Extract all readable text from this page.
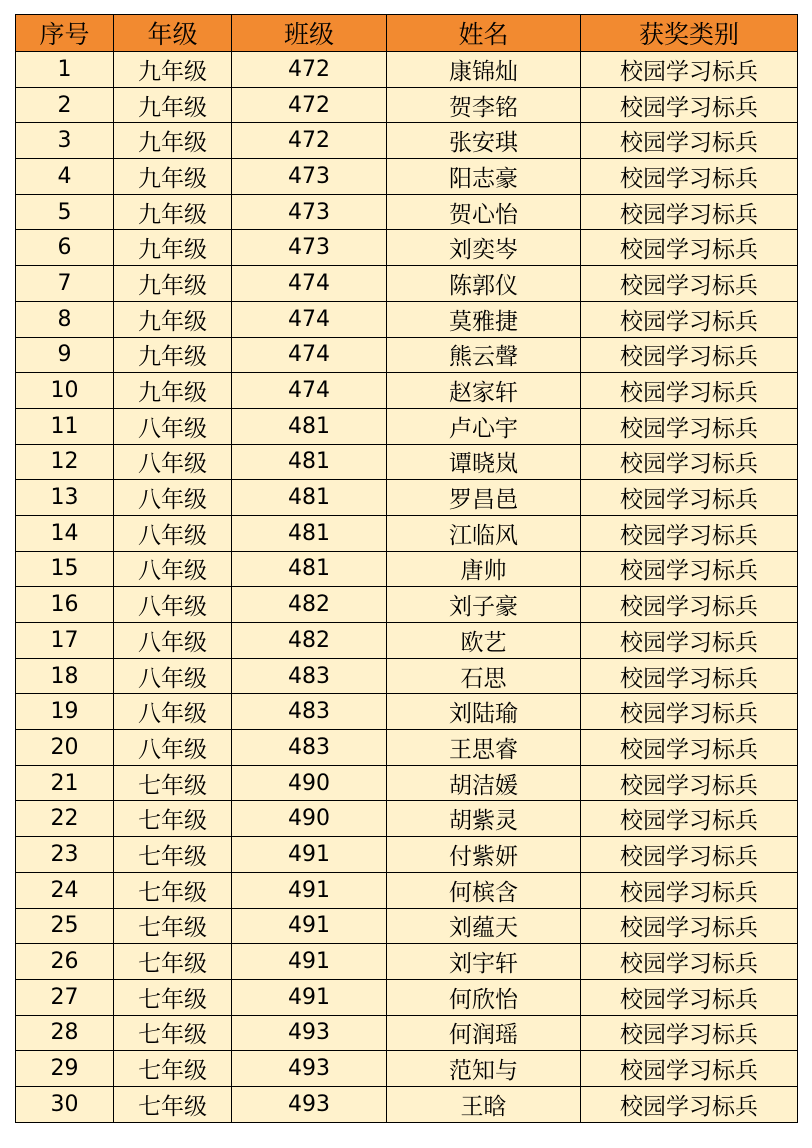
序号	年级	班级	姓名	获奖类别
1	九年级	472	康锦灿	校园学习标兵
2	九年级	472	贺李铭	校园学习标兵
3	九年级	472	张安琪	校园学习标兵
4	九年级	473	阳志豪	校园学习标兵
5	九年级	473	贺心怡	校园学习标兵
6	九年级	473	刘奕岑	校园学习标兵
7	九年级	474	陈郭仪	校园学习标兵
8	九年级	474	莫雅捷	校园学习标兵
9	九年级	474	熊云聲	校园学习标兵
10	九年级	474	赵家轩	校园学习标兵
11	八年级	481	卢心宇	校园学习标兵
12	八年级	481	谭晓岚	校园学习标兵
13	八年级	481	罗昌邑	校园学习标兵
14	八年级	481	江临风	校园学习标兵
15	八年级	481	唐帅	校园学习标兵
16	八年级	482	刘子豪	校园学习标兵
17	八年级	482	欧艺	校园学习标兵
18	八年级	483	石思	校园学习标兵
19	八年级	483	刘陆瑜	校园学习标兵
20	八年级	483	王思睿	校园学习标兵
21	七年级	490	胡洁媛	校园学习标兵
22	七年级	490	胡紫灵	校园学习标兵
23	七年级	491	付紫妍	校园学习标兵
24	七年级	491	何槟含	校园学习标兵
25	七年级	491	刘蕴天	校园学习标兵
26	七年级	491	刘宇轩	校园学习标兵
27	七年级	491	何欣怡	校园学习标兵
28	七年级	493	何润瑶	校园学习标兵
29	七年级	493	范知与	校园学习标兵
30	七年级	493	王晗	校园学习标兵
